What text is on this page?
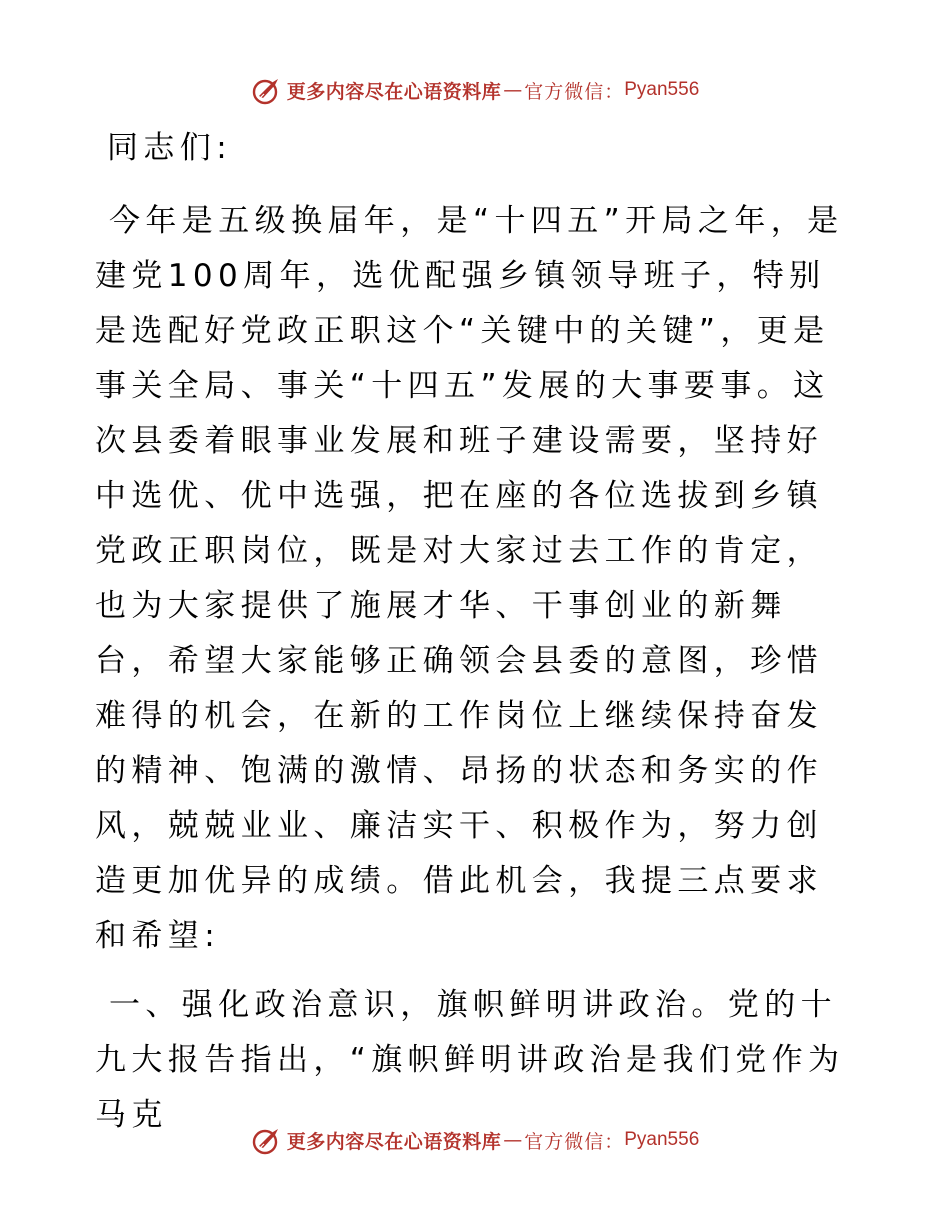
更多内容尽在心语资料库 — 官方微信： Pyan556

同志们:

今年是五级换届年，是“十四五”开局之年，是建党100周年，选优配强乡镇领导班子，特别是选配好党政正职这个“关键中的关键”，更是事关全局、事关“十四五”发展的大事要事。这次县委着眼事业发展和班子建设需要，坚持好中选优、优中选强，把在座的各位选拔到乡镇党政正职岗位，既是对大家过去工作的肯定，也为大家提供了施展才华、干事创业的新舞台，希望大家能够正确领会县委的意图，珍惜难得的机会，在新的工作岗位上继续保持奋发的精神、饱满的激情、昂扬的状态和务实的作风，兢兢业业、廉洁实干、积极作为，努力创造更加优异的成绩。借此机会，我提三点要求和希望:

一、强化政治意识，旗帜鲜明讲政治。党的十九大报告指出，“旗帜鲜明讲政治是我们党作为马克

更多内容尽在心语资料库 — 官方微信： Pyan556
